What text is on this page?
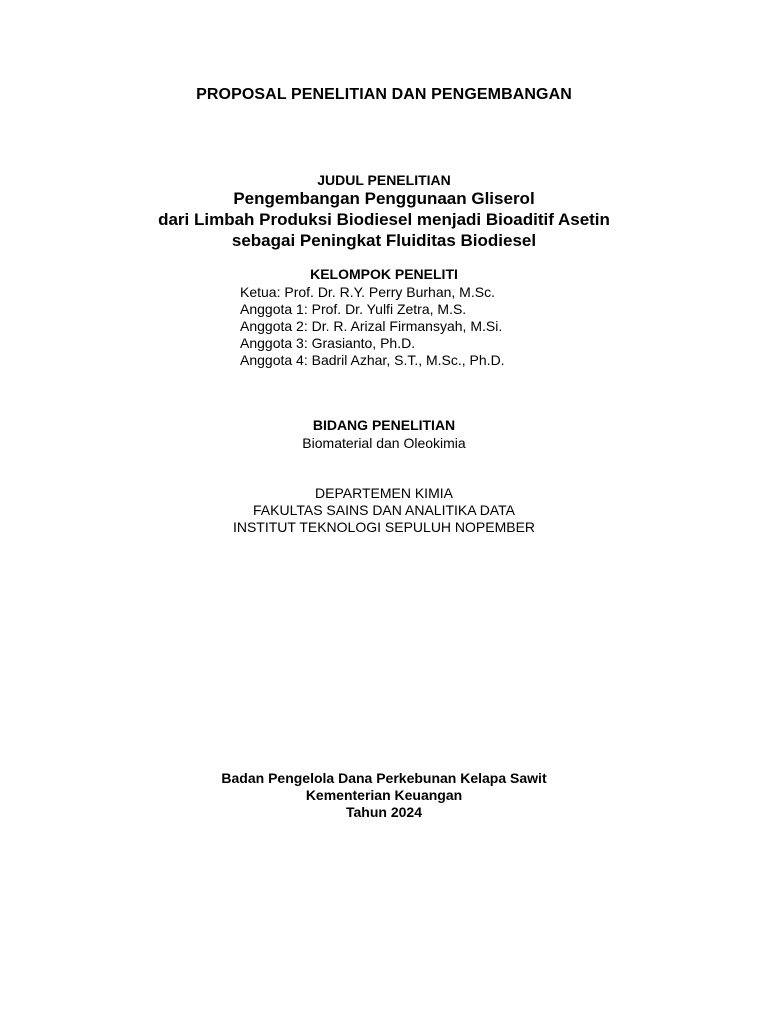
PROPOSAL PENELITIAN DAN PENGEMBANGAN
JUDUL PENELITIAN
Pengembangan Penggunaan Gliserol
dari Limbah Produksi Biodiesel menjadi Bioaditif Asetin
sebagai Peningkat Fluiditas Biodiesel
KELOMPOK PENELITI
Ketua: Prof. Dr. R.Y. Perry Burhan, M.Sc.
Anggota 1: Prof. Dr. Yulfi Zetra, M.S.
Anggota 2: Dr. R. Arizal Firmansyah, M.Si.
Anggota 3: Grasianto, Ph.D.
Anggota 4: Badril Azhar, S.T., M.Sc., Ph.D.
BIDANG PENELITIAN
Biomaterial dan Oleokimia
DEPARTEMEN KIMIA
FAKULTAS SAINS DAN ANALITIKA DATA
INSTITUT TEKNOLOGI SEPULUH NOPEMBER
Badan Pengelola Dana Perkebunan Kelapa Sawit
Kementerian Keuangan
Tahun 2024
